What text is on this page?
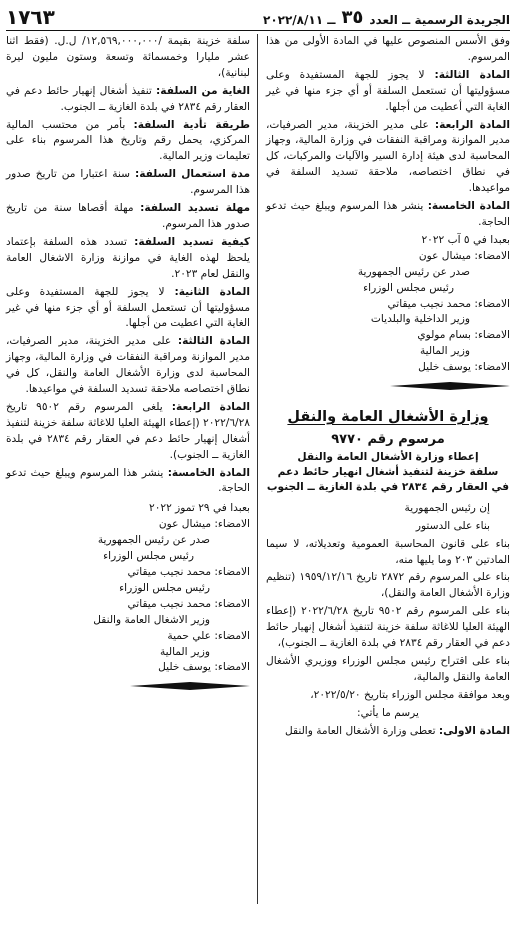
الجريدة الرسمية ــ العدد
٣٥
ــ ٢٠٢٢/٨/١١
١٧٦٣

وفق الأسس المنصوص عليها في المادة الأولى من هذا المرسوم.

المادة الثالثة: لا يجوز للجهة المستفيدة وعلى مسؤوليتها أن تستعمل السلفة أو أي جزء منها في غير الغاية التي أعطيت من أجلها.

المادة الرابعة: على مدير الخزينة، مدير الصرفيات، مدير الموازنة ومراقبة النفقات في وزارة المالية، وجهاز المحاسبة لدى هيئة إدارة السير والآليات والمركبات، كل في نطاق اختصاصه، ملاحقة تسديد السلفة في مواعيدها.

المادة الخامسة: ينشر هذا المرسوم ويبلغ حيث تدعو الحاجة.

بعبدا في ٥ آب ٢٠٢٢

الامضاء: ميشال عون

صدر عن رئيس الجمهورية

رئيس مجلس الوزراء

الامضاء: محمد نجيب ميقاتي

وزير الداخلية والبلديات

الامضاء: بسام مولوي

وزير المالية

الامضاء: يوسف خليل

وزارة الأشغال العامة والنقل
مرسوم رقم ٩٧٧٠
إعطاء وزارة الأشغال العامة والنقل
سلفة خزينة لتنفيذ أشغال انهيار حائط دعم
في العقار رقم ٢٨٣٤ في بلدة الغازية ــ الجنوب

إن رئيس الجمهورية

بناء على الدستور

بناء على قانون المحاسبة العمومية وتعديلاته، لا سيما المادتين ٢٠٣ وما يليها منه،

بناء على المرسوم رقم ٢٨٧٢ تاريخ ١٩٥٩/١٢/١٦ (تنظيم وزارة الأشغال العامة والنقل)،

بناء على المرسوم رقم ٩٥٠٢ تاريخ ٢٠٢٢/٦/٢٨ (إعطاء الهيئة العليا للاغاثة سلفة خزينة لتنفيذ أشغال إنهيار حائط دعم في العقار رقم ٢٨٣٤ في بلدة الغازية ــ الجنوب)،

بناء على اقتراح رئيس مجلس الوزراء ووزيري الأشغال العامة والنقل والمالية،

وبعد موافقة مجلس الوزراء بتاريخ ٢٠٢٢/٥/٢٠،

يرسم ما يأتي:

المادة الاولى: تعطى وزارة الأشغال العامة والنقل

سلفة خزينة بقيمة /١٢,٥٦٩,٠٠٠,٠٠٠/ ل.ل. (فقط اثنا عشر مليارا وخمسمائة وتسعة وستون مليون ليرة لبنانية)،

الغاية من السلفة: تنفيذ أشغال إنهيار حائط دعم في العقار رقم ٢٨٣٤ في بلدة الغازية ــ الجنوب.

طريقة تأدية السلفة: بأمر من محتسب المالية المركزي، يحمل رقم وتاريخ هذا المرسوم بناء على تعليمات وزير المالية.

مدة استعمال السلفة: سنة اعتبارا من تاريخ صدور هذا المرسوم.

مهلة تسديد السلفة: مهلة أقصاها سنة من تاريخ صدور هذا المرسوم.

كيفية تسديد السلفة: تسدد هذه السلفة بإعتماد يلحظ لهذه الغاية في موازنة وزارة الاشغال العامة والنقل لعام ٢٠٢٣.

المادة الثانية: لا يجوز للجهة المستفيدة وعلى مسؤوليتها أن تستعمل السلفة أو أي جزء منها في غير الغاية التي اعطيت من أجلها.

المادة الثالثة: على مدير الخزينة، مدير الصرفيات، مدير الموازنة ومراقبة النفقات في وزارة المالية، وجهاز المحاسبة لدى وزارة الأشغال العامة والنقل، كل في نطاق اختصاصه ملاحقة تسديد السلفة في مواعيدها.

المادة الرابعة: يلغى المرسوم رقم ٩٥٠٢ تاريخ ٢٠٢٢/٦/٢٨ (إعطاء الهيئة العليا للاغاثة سلفة خزينة لتنفيذ أشغال إنهيار حائط دعم في العقار رقم ٢٨٣٤ في بلدة الغازية ــ الجنوب).

المادة الخامسة: ينشر هذا المرسوم ويبلغ حيث تدعو الحاجة.

بعبدا في ٢٩ تموز ٢٠٢٢

الامضاء: ميشال عون

صدر عن رئيس الجمهورية

رئيس مجلس الوزراء

الامضاء: محمد نجيب ميقاتي

رئيس مجلس الوزراء

الامضاء: محمد نجيب ميقاتي

وزير الاشغال العامة والنقل

الامضاء: علي حمية

وزير المالية

الامضاء: يوسف خليل
